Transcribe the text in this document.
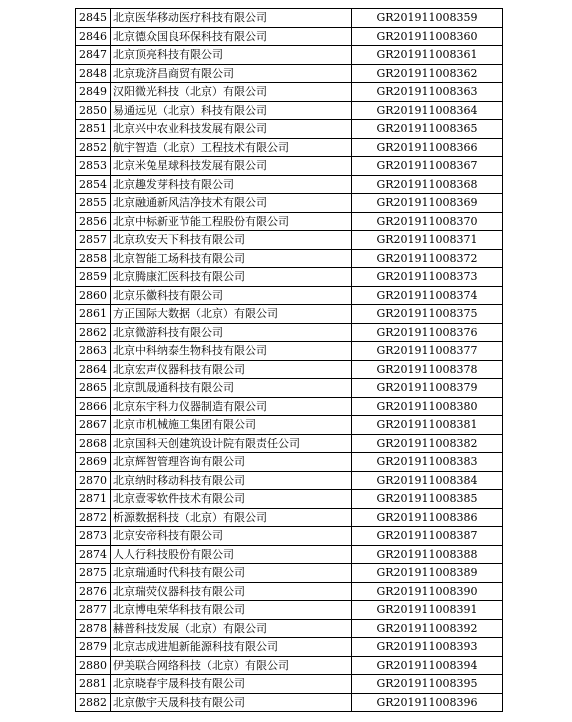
2845	北京医华移动医疗科技有限公司	GR201911008359
2846	北京德众国良环保科技有限公司	GR201911008360
2847	北京顶亮科技有限公司	GR201911008361
2848	北京珑济昌商贸有限公司	GR201911008362
2849	汉阳微光科技（北京）有限公司	GR201911008363
2850	易通远见（北京）科技有限公司	GR201911008364
2851	北京兴中农业科技发展有限公司	GR201911008365
2852	航宇智造（北京）工程技术有限公司	GR201911008366
2853	北京米兔星球科技发展有限公司	GR201911008367
2854	北京趣发芽科技有限公司	GR201911008368
2855	北京融通新风洁净技术有限公司	GR201911008369
2856	北京中标新亚节能工程股份有限公司	GR201911008370
2857	北京玖安天下科技有限公司	GR201911008371
2858	北京智能工场科技有限公司	GR201911008372
2859	北京腾康汇医科技有限公司	GR201911008373
2860	北京乐徽科技有限公司	GR201911008374
2861	方正国际大数据（北京）有限公司	GR201911008375
2862	北京微游科技有限公司	GR201911008376
2863	北京中科纳泰生物科技有限公司	GR201911008377
2864	北京宏声仪器科技有限公司	GR201911008378
2865	北京凯晟通科技有限公司	GR201911008379
2866	北京东宇科力仪器制造有限公司	GR201911008380
2867	北京市机械施工集团有限公司	GR201911008381
2868	北京国科天创建筑设计院有限责任公司	GR201911008382
2869	北京辉智管理咨询有限公司	GR201911008383
2870	北京纳时移动科技有限公司	GR201911008384
2871	北京壹零软件技术有限公司	GR201911008385
2872	析源数据科技（北京）有限公司	GR201911008386
2873	北京安帝科技有限公司	GR201911008387
2874	人人行科技股份有限公司	GR201911008388
2875	北京瑞通时代科技有限公司	GR201911008389
2876	北京瑞荧仪器科技有限公司	GR201911008390
2877	北京博电荣华科技有限公司	GR201911008391
2878	赫普科技发展（北京）有限公司	GR201911008392
2879	北京志成进旭新能源科技有限公司	GR201911008393
2880	伊美联合网络科技（北京）有限公司	GR201911008394
2881	北京晓春宇晟科技有限公司	GR201911008395
2882	北京傲宇天晟科技有限公司	GR201911008396
